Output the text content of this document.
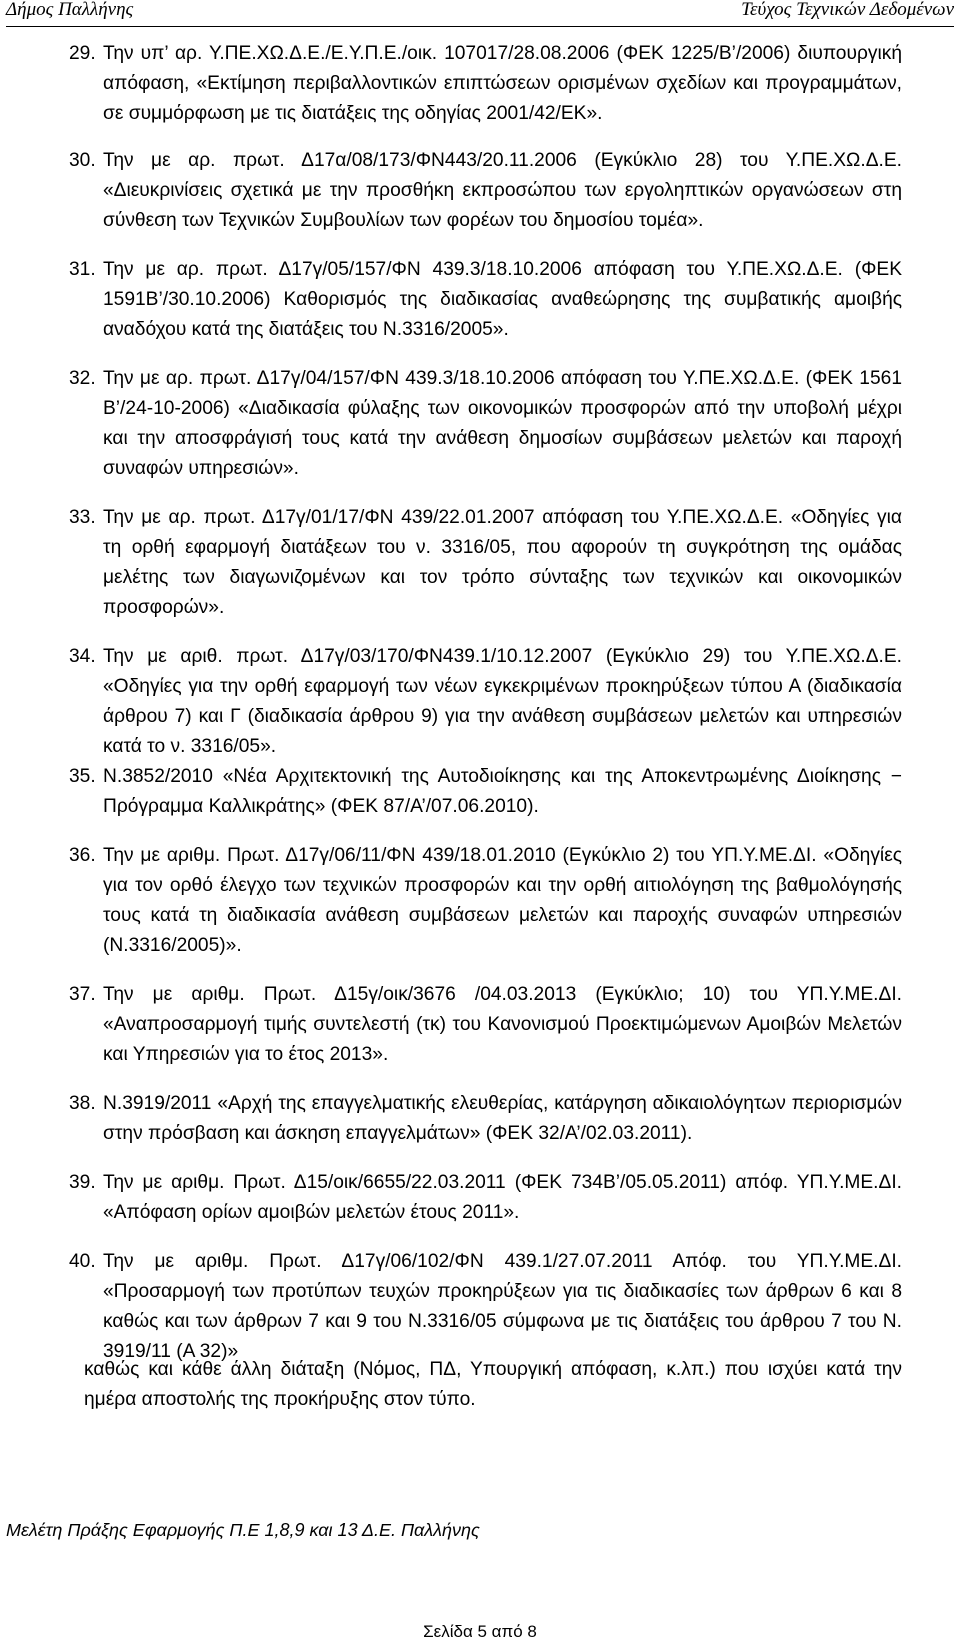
Δήμος Παλλήνης	Τεύχος Τεχνικών Δεδομένων
29. Την υπ’ αρ. Υ.ΠΕ.ΧΩ.Δ.Ε./Ε.Υ.Π.Ε./οικ. 107017/28.08.2006 (ΦΕΚ 1225/Β’/2006) διυπουργική απόφαση, «Εκτίμηση περιβαλλοντικών επιπτώσεων ορισμένων σχεδίων και προγραμμάτων, σε συμμόρφωση με τις διατάξεις της οδηγίας 2001/42/ΕΚ».
30. Την με αρ. πρωτ. Δ17α/08/173/ΦΝ443/20.11.2006 (Εγκύκλιο 28) του Υ.ΠΕ.ΧΩ.Δ.Ε. «Διευκρινίσεις σχετικά με την προσθήκη εκπροσώπου των εργοληπτικών οργανώσεων στη σύνθεση των Τεχνικών Συμβουλίων των φορέων του δημοσίου τομέα».
31. Την με αρ. πρωτ. Δ17γ/05/157/ΦΝ 439.3/18.10.2006 απόφαση του Υ.ΠΕ.ΧΩ.Δ.Ε. (ΦΕΚ 1591Β’/30.10.2006) Καθορισμός της διαδικασίας αναθεώρησης της συμβατικής αμοιβής αναδόχου κατά της διατάξεις του Ν.3316/2005».
32. Την με αρ. πρωτ. Δ17γ/04/157/ΦΝ 439.3/18.10.2006 απόφαση του Υ.ΠΕ.ΧΩ.Δ.Ε. (ΦΕΚ 1561 Β’/24-10-2006) «Διαδικασία φύλαξης των οικονομικών προσφορών από την υποβολή μέχρι και την αποσφράγισή τους κατά την ανάθεση δημοσίων συμβάσεων μελετών και παροχή συναφών υπηρεσιών».
33. Την με αρ. πρωτ. Δ17γ/01/17/ΦΝ 439/22.01.2007 απόφαση του Υ.ΠΕ.ΧΩ.Δ.Ε. «Οδηγίες για τη ορθή εφαρμογή διατάξεων του ν. 3316/05, που αφορούν τη συγκρότηση της ομάδας μελέτης των διαγωνιζομένων και τον τρόπο σύνταξης των τεχνικών και οικονομικών προσφορών».
34. Την με αριθ. πρωτ. Δ17γ/03/170/ΦΝ439.1/10.12.2007 (Εγκύκλιο 29) του Υ.ΠΕ.ΧΩ.Δ.Ε. «Οδηγίες για την ορθή εφαρμογή των νέων εγκεκριμένων προκηρύξεων τύπου Α (διαδικασία άρθρου 7) και Γ (διαδικασία άρθρου 9) για την ανάθεση συμβάσεων μελετών και υπηρεσιών κατά το ν. 3316/05».
35. Ν.3852/2010 «Νέα Αρχιτεκτονική της Αυτοδιοίκησης και της Αποκεντρωμένης Διοίκησης − Πρόγραμμα Καλλικράτης» (ΦΕΚ 87/Α’/07.06.2010).
36. Την με αριθμ. Πρωτ. Δ17γ/06/11/ΦΝ 439/18.01.2010 (Εγκύκλιο 2) του ΥΠ.Υ.ΜΕ.ΔΙ. «Οδηγίες για τον ορθό έλεγχο των τεχνικών προσφορών και την ορθή αιτιολόγηση της βαθμολόγησής τους κατά τη διαδικασία ανάθεση συμβάσεων μελετών και παροχής συναφών υπηρεσιών (Ν.3316/2005)».
37. Την με αριθμ. Πρωτ. Δ15γ/οικ/3676 /04.03.2013 (Εγκύκλιο; 10) του ΥΠ.Υ.ΜΕ.ΔΙ. «Αναπροσαρμογή τιμής συντελεστή (τκ) του Κανονισμού Προεκτιμώμενων Αμοιβών Μελετών και Υπηρεσιών για το έτος 2013».
38. Ν.3919/2011 «Αρχή της επαγγελματικής ελευθερίας, κατάργηση αδικαιολόγητων περιορισμών στην πρόσβαση και άσκηση επαγγελμάτων» (ΦΕΚ 32/Α’/02.03.2011).
39. Την με αριθμ. Πρωτ. Δ15/οικ/6655/22.03.2011 (ΦΕΚ 734Β’/05.05.2011) απόφ. ΥΠ.Υ.ΜΕ.ΔΙ. «Απόφαση ορίων αμοιβών μελετών έτους 2011».
40. Την με αριθμ. Πρωτ. Δ17γ/06/102/ΦΝ 439.1/27.07.2011 Απόφ. του ΥΠ.Υ.ΜΕ.ΔΙ. «Προσαρμογή των προτύπων τευχών προκηρύξεων για τις διαδικασίες των άρθρων 6 και 8 καθώς και των άρθρων 7 και 9 του Ν.3316/05 σύμφωνα με τις διατάξεις του άρθρου 7 του Ν. 3919/11 (Α 32)»

καθώς και κάθε άλλη διάταξη (Νόμος, ΠΔ, Υπουργική απόφαση, κ.λπ.) που ισχύει κατά την ημέρα αποστολής της προκήρυξης στον τύπο.

Μελέτη Πράξης Εφαρμογής Π.Ε 1,8,9 και 13 Δ.Ε. Παλλήνης
Σελίδα 5 από 8
